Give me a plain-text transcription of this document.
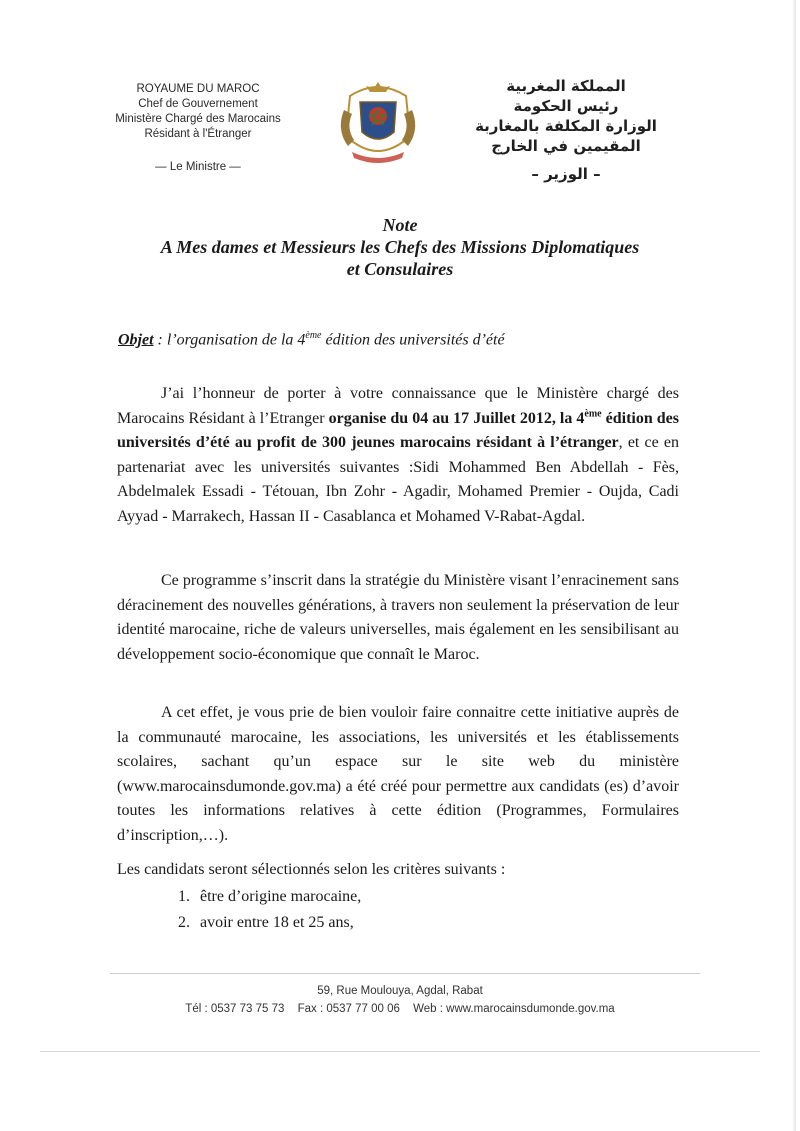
ROYAUME DU MAROC
Chef de Gouvernement
Ministère Chargé des Marocains
Résidant à l'Étranger
— Le Ministre —
المملكة المغربية
رئيس الحكومة
الوزارة المكلفة بالمغاربة
المقيمين في الخارج
– الوزير –
Note
A Mes dames et Messieurs les Chefs des Missions Diplomatiques
et Consulaires
Objet : l’organisation de la 4ème édition des universités d’été

J’ai l’honneur de porter à votre connaissance que le Ministère chargé des Marocains Résidant à l’Etranger organise du 04 au 17 Juillet 2012, la 4ème édition des universités d’été au profit de 300 jeunes marocains résidant à l’étranger, et ce en partenariat avec les universités suivantes :Sidi Mohammed Ben Abdellah - Fès, Abdelmalek Essadi - Tétouan, Ibn Zohr - Agadir, Mohamed Premier - Oujda, Cadi Ayyad - Marrakech, Hassan II - Casablanca et Mohamed V-Rabat-Agdal.

Ce programme s’inscrit dans la stratégie du Ministère visant l’enracinement sans déracinement des nouvelles générations, à travers non seulement la préservation de leur identité marocaine, riche de valeurs universelles, mais également en les sensibilisant au développement socio-économique que connaît le Maroc.

A cet effet, je vous prie de bien vouloir faire connaitre cette initiative auprès de la communauté marocaine, les associations, les universités et les établissements scolaires, sachant qu’un espace sur le site web du ministère (www.marocainsdumonde.gov.ma) a été créé pour permettre aux candidats (es) d’avoir toutes les informations relatives à cette édition (Programmes, Formulaires d’inscription,…).

Les candidats seront sélectionnés selon les critères suivants :
1. être d’origine marocaine,
2. avoir entre 18 et 25 ans,
59, Rue Moulouya, Agdal, Rabat
Tél : 0537 73 75 73 Fax : 0537 77 00 06 Web : www.marocainsdumonde.gov.ma
